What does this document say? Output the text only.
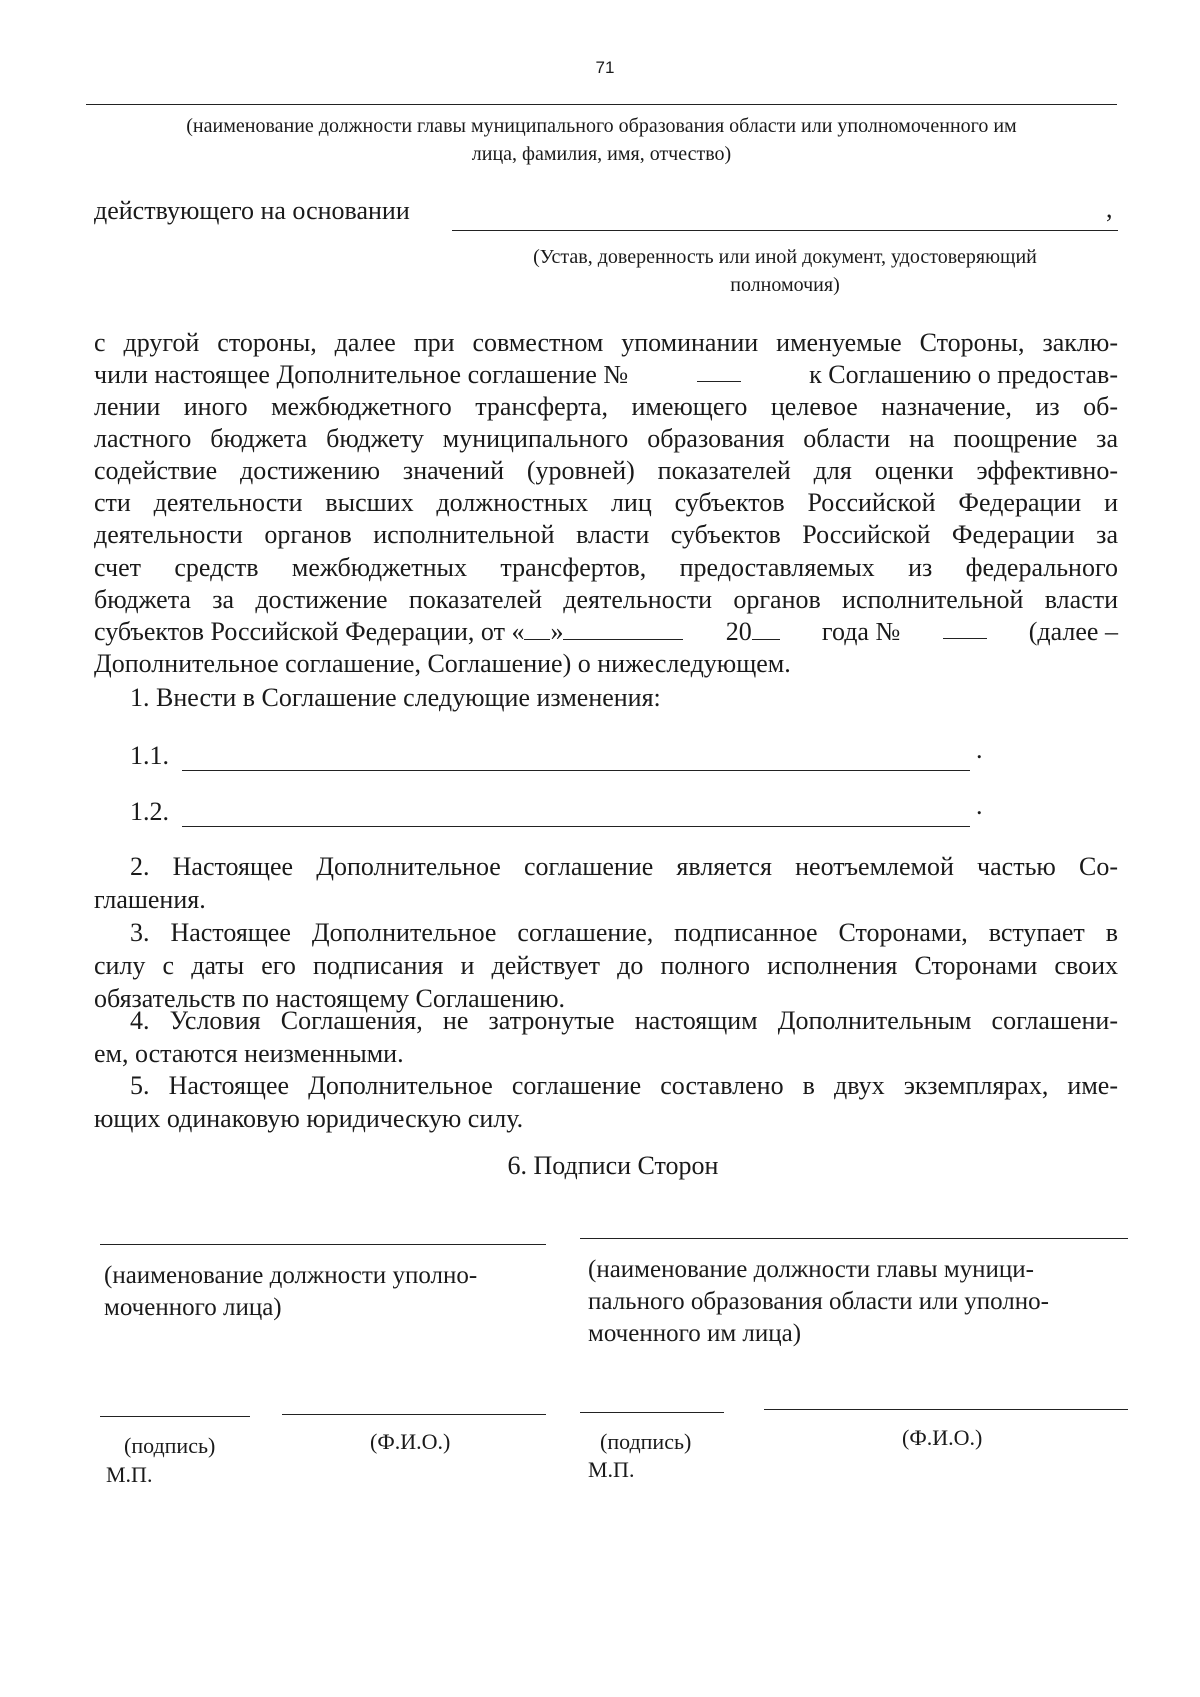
71
(наименование должности главы муниципального образования области или уполномоченного им
лица, фамилия, имя, отчество)
действующего на основании	,
(Устав, доверенность или иной документ, удостоверяющий
полномочия)
с другой стороны, далее при совместном упоминании именуемые Стороны, заклю-
чили настоящее Дополнительное соглашение №	к Соглашению о предостав-
лении иного межбюджетного трансферта, имеющего целевое назначение, из об-
ластного бюджета бюджету муниципального образования области на поощрение за
содействие достижению значений (уровней) показателей для оценки эффективно-
сти деятельности высших должностных лиц субъектов Российской Федерации и
деятельности органов исполнительной власти субъектов Российской Федерации за
счет средств межбюджетных трансфертов, предоставляемых из федерального
бюджета за достижение показателей деятельности органов исполнительной власти
субъектов Российской Федерации, от « »	20	года №	(далее –
Дополнительное соглашение, Соглашение) о нижеследующем.
1. Внести в Соглашение следующие изменения:
1.1.	.
1.2.	.
2. Настоящее Дополнительное соглашение является неотъемлемой частью Со-
глашения.
3. Настоящее Дополнительное соглашение, подписанное Сторонами, вступает в
силу с даты его подписания и действует до полного исполнения Сторонами своих
обязательств по настоящему Соглашению.
4. Условия Соглашения, не затронутые настоящим Дополнительным соглашени-
ем, остаются неизменными.
5. Настоящее Дополнительное соглашение составлено в двух экземплярах, име-
ющих одинаковую юридическую силу.
6. Подписи Сторон
(наименование должности уполно-
моченного лица)
(наименование должности главы муници-
пального образования области или уполно-
моченного им лица)
(подпись)	(Ф.И.О.)
М.П.
(подпись)	(Ф.И.О.)
М.П.
